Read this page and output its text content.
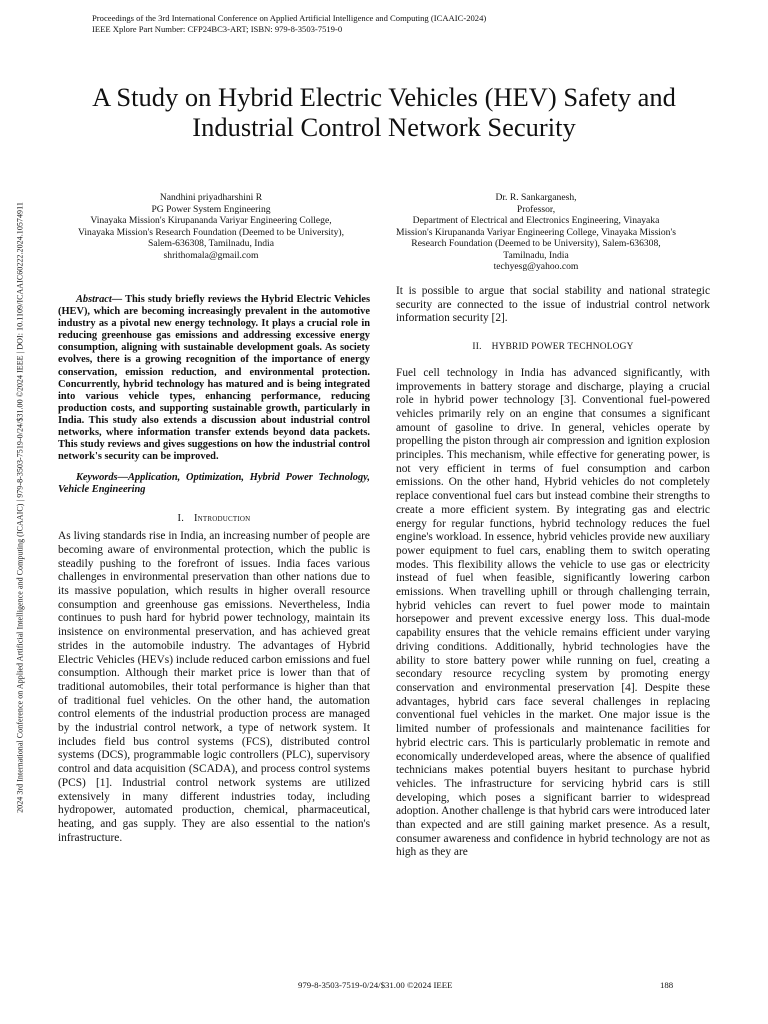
Proceedings of the 3rd International Conference on Applied Artificial Intelligence and Computing (ICAAIC-2024)
IEEE Xplore Part Number: CFP24BC3-ART; ISBN: 979-8-3503-7519-0
A Study on Hybrid Electric Vehicles (HEV) Safety and
Industrial Control Network Security
2024 3rd International Conference on Applied Artificial Intelligence and Computing (ICAAIC) | 979-8-3503-7519-0/24/$31.00 ©2024 IEEE | DOI: 10.1109/ICAAIC60222.2024.10574911
Nandhini priyadharshini R
PG Power System Engineering
Vinayaka Mission's Kirupananda Variyar Engineering College,
Vinayaka Mission's Research Foundation (Deemed to be University),
Salem-636308, Tamilnadu, India
shrithomala@gmail.com
Dr. R. Sankarganesh,
Professor,
Department of Electrical and Electronics Engineering, Vinayaka
Mission's Kirupananda Variyar Engineering College, Vinayaka Mission's
Research Foundation (Deemed to be University), Salem-636308,
Tamilnadu, India
techyesg@yahoo.com

Abstract— This study briefly reviews the Hybrid Electric Vehicles (HEV), which are becoming increasingly prevalent in the automotive industry as a pivotal new energy technology. It plays a crucial role in reducing greenhouse gas emissions and addressing excessive energy consumption, aligning with sustainable development goals. As society evolves, there is a growing recognition of the importance of energy conservation, emission reduction, and environmental protection. Concurrently, hybrid technology has matured and is being integrated into various vehicle types, enhancing performance, reducing production costs, and supporting sustainable growth, particularly in India. This study also extends a discussion about industrial control networks, where information transfer extends beyond data packets. This study reviews and gives suggestions on how the industrial control network's security can be improved.

Keywords—Application, Optimization, Hybrid Power Technology, Vehicle Engineering

I. Introduction

As living standards rise in India, an increasing number of people are becoming aware of environmental protection, which the public is steadily pushing to the forefront of issues. India faces various challenges in environmental preservation than other nations due to its massive population, which results in higher overall resource consumption and greenhouse gas emissions. Nevertheless, India continues to push hard for hybrid power technology, maintain its insistence on environmental preservation, and has achieved great strides in the automobile industry. The advantages of Hybrid Electric Vehicles (HEVs) include reduced carbon emissions and fuel consumption. Although their market price is lower than that of traditional automobiles, their total performance is higher than that of traditional fuel vehicles. On the other hand, the automation control elements of the industrial production process are managed by the industrial control network, a type of network system. It includes field bus control systems (FCS), distributed control systems (DCS), programmable logic controllers (PLC), supervisory control and data acquisition (SCADA), and process control systems (PCS) [1]. Industrial control network systems are utilized extensively in many different industries today, including hydropower, automated production, chemical, pharmaceutical, heating, and gas supply. They are also essential to the nation's infrastructure.

It is possible to argue that social stability and national strategic security are connected to the issue of industrial control network information security [2].

II. HYBRID POWER TECHNOLOGY

Fuel cell technology in India has advanced significantly, with improvements in battery storage and discharge, playing a crucial role in hybrid power technology [3]. Conventional fuel-powered vehicles primarily rely on an engine that consumes a significant amount of gasoline to drive. In general, vehicles operate by propelling the piston through air compression and ignition explosion principles. This mechanism, while effective for generating power, is not very efficient in terms of fuel consumption and carbon emissions. On the other hand, Hybrid vehicles do not completely replace conventional fuel cars but instead combine their strengths to create a more efficient system. By integrating gas and electric energy for regular functions, hybrid technology reduces the fuel engine's workload. In essence, hybrid vehicles provide new auxiliary power equipment to fuel cars, enabling them to switch operating modes. This flexibility allows the vehicle to use gas or electricity instead of fuel when feasible, significantly lowering carbon emissions. When travelling uphill or through challenging terrain, hybrid vehicles can revert to fuel power mode to maintain horsepower and prevent excessive energy loss. This dual-mode capability ensures that the vehicle remains efficient under varying driving conditions. Additionally, hybrid technologies have the ability to store battery power while running on fuel, creating a secondary resource recycling system by promoting energy conservation and environmental preservation [4]. Despite these advantages, hybrid cars face several challenges in replacing conventional fuel vehicles in the market. One major issue is the limited number of professionals and maintenance facilities for hybrid electric cars. This is particularly problematic in remote and economically underdeveloped areas, where the absence of qualified technicians makes potential buyers hesitant to purchase hybrid vehicles. The infrastructure for servicing hybrid cars is still developing, which poses a significant barrier to widespread adoption. Another challenge is that hybrid cars were introduced later than expected and are still gaining market presence. As a result, consumer awareness and confidence in hybrid technology are not as high as they are

979-8-3503-7519-0/24/$31.00 ©2024 IEEE	188
